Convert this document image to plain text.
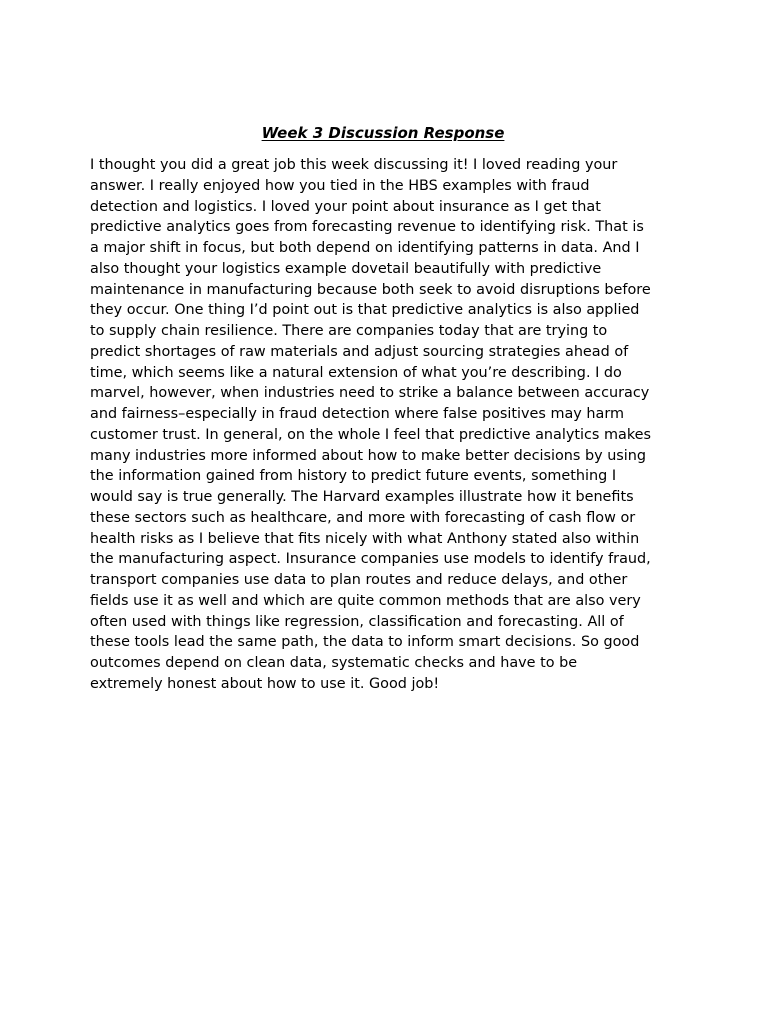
Week 3 Discussion Response

I thought you did a great job this week discussing it! I loved reading your
answer. I really enjoyed how you tied in the HBS examples with fraud
detection and logistics. I loved your point about insurance as I get that
predictive analytics goes from forecasting revenue to identifying risk. That is
a major shift in focus, but both depend on identifying patterns in data. And I
also thought your logistics example dovetail beautifully with predictive
maintenance in manufacturing because both seek to avoid disruptions before
they occur. One thing I’d point out is that predictive analytics is also applied
to supply chain resilience. There are companies today that are trying to
predict shortages of raw materials and adjust sourcing strategies ahead of
time, which seems like a natural extension of what you’re describing. I do
marvel, however, when industries need to strike a balance between accuracy
and fairness–especially in fraud detection where false positives may harm
customer trust. In general, on the whole I feel that predictive analytics makes
many industries more informed about how to make better decisions by using
the information gained from history to predict future events, something I
would say is true generally. The Harvard examples illustrate how it benefits
these sectors such as healthcare, and more with forecasting of cash flow or
health risks as I believe that fits nicely with what Anthony stated also within
the manufacturing aspect. Insurance companies use models to identify fraud,
transport companies use data to plan routes and reduce delays, and other
fields use it as well and which are quite common methods that are also very
often used with things like regression, classification and forecasting. All of
these tools lead the same path, the data to inform smart decisions. So good
outcomes depend on clean data, systematic checks and have to be
extremely honest about how to use it. Good job!
